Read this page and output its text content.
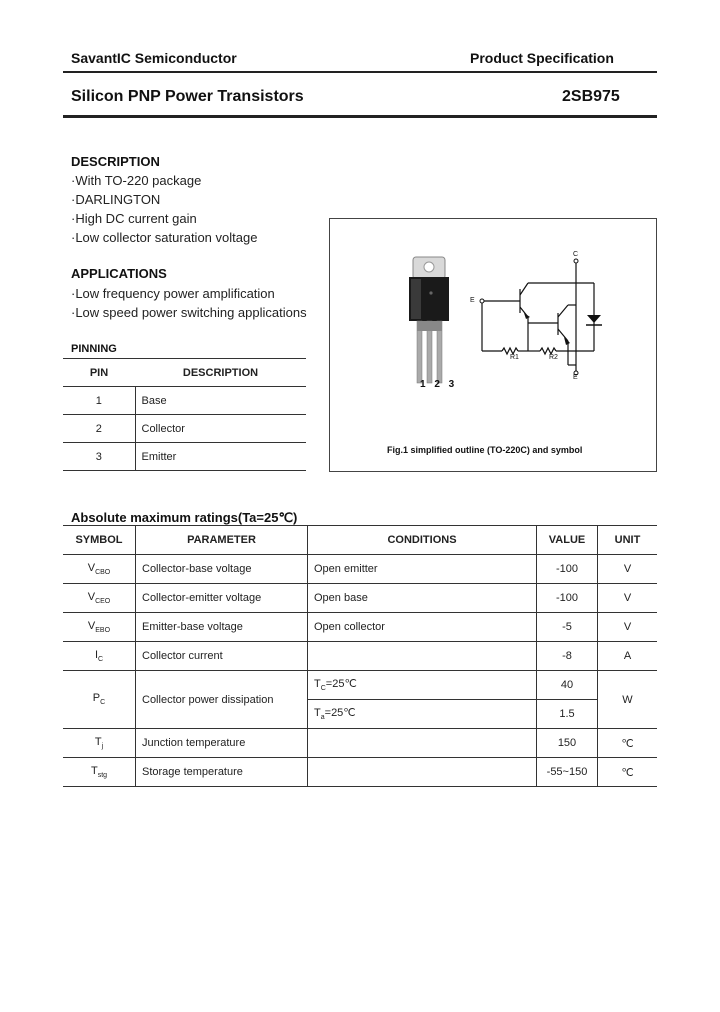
SavantIC Semiconductor	Product Specification
Silicon PNP Power Transistors	2SB975
DESCRIPTION
·With TO-220 package
·DARLINGTON
·High DC current gain
·Low collector saturation voltage
APPLICATIONS
·Low frequency power amplification
·Low speed power switching applications
PINNING
PIN	DESCRIPTION
1	Base
2	Collector
3	Emitter
1 2 3
C
E
E
R1	R2
Fig.1 simplified outline (TO-220C) and symbol
Absolute maximum ratings(Ta=25℃)
SYMBOL	PARAMETER	CONDITIONS	VALUE	UNIT
$V_{CBO}$	Collector-base voltage	Open emitter	-100	V
$V_{CEO}$	Collector-emitter voltage	Open base	-100	V
$V_{EBO}$	Emitter-base voltage	Open collector	-5	V
$I_C$	Collector current		-8	A
$P_C$	Collector power dissipation	$T_C=25℃$	40	W
		$T_a=25℃$	1.5	
$T_j$	Junction temperature		150	℃
$T_{stg}$	Storage temperature		-55~150	℃
